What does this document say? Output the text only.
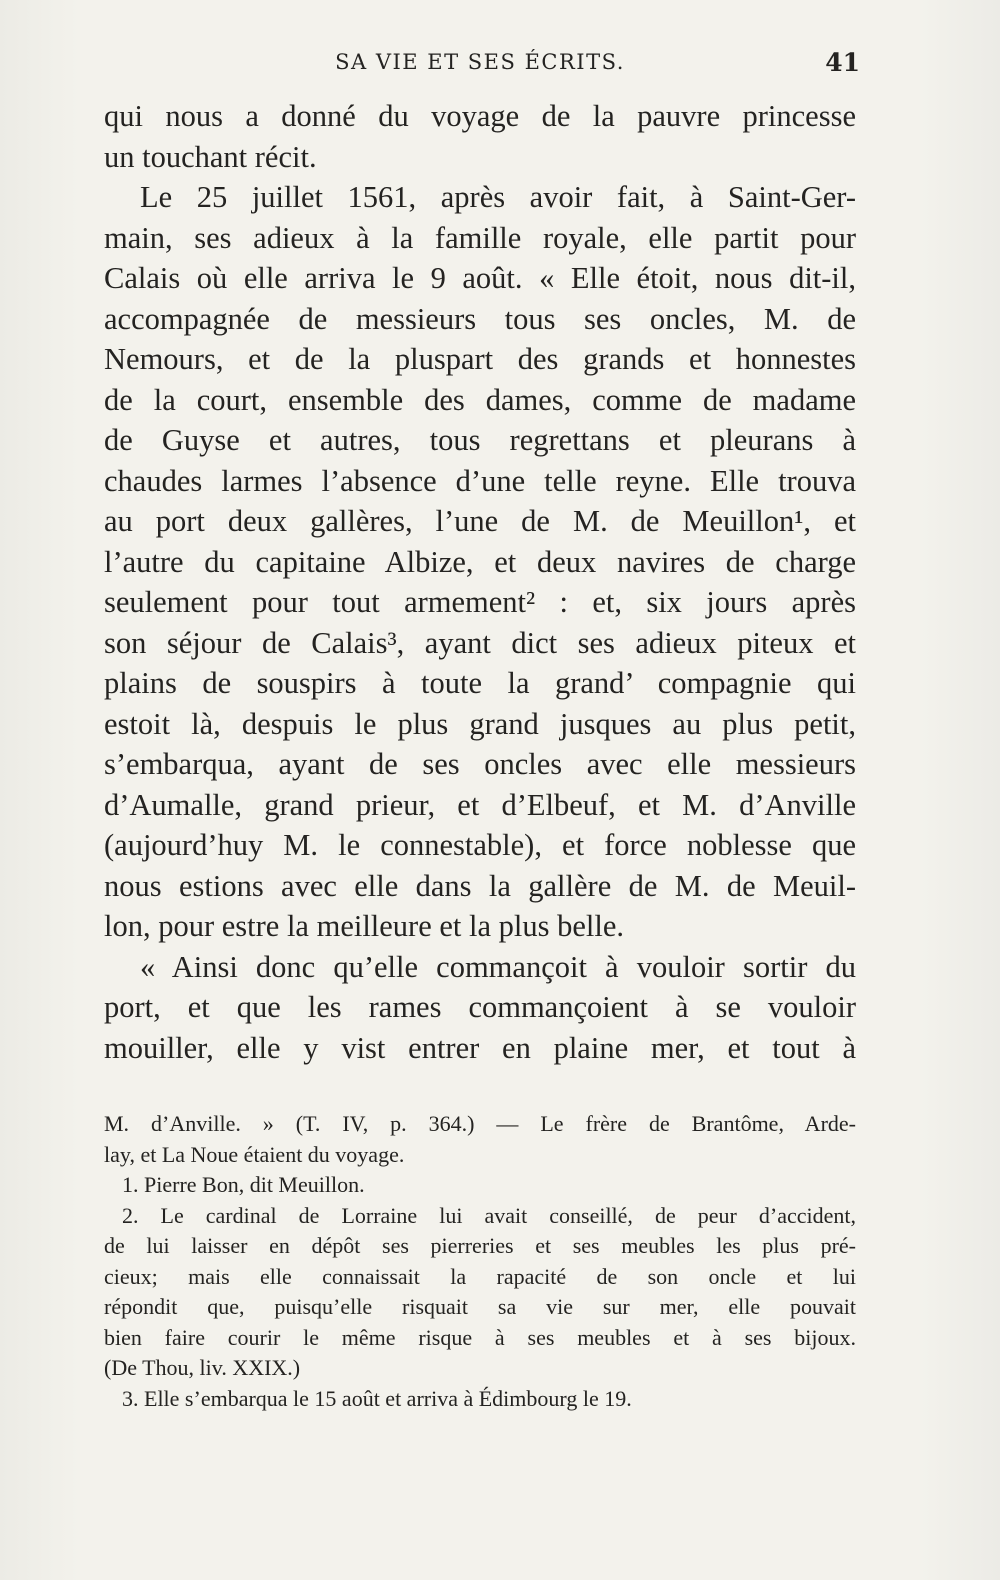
SA VIE ET SES ÉCRITS.	41
qui nous a donné du voyage de la pauvre princesse
un touchant récit.
Le 25 juillet 1561, après avoir fait, à Saint-Ger-
main, ses adieux à la famille royale, elle partit pour
Calais où elle arriva le 9 août. « Elle étoit, nous dit-il,
accompagnée de messieurs tous ses oncles, M. de
Nemours, et de la pluspart des grands et honnestes
de la court, ensemble des dames, comme de madame
de Guyse et autres, tous regrettans et pleurans à
chaudes larmes l’absence d’une telle reyne. Elle trouva
au port deux gallères, l’une de M. de Meuillon¹, et
l’autre du capitaine Albize, et deux navires de charge
seulement pour tout armement² : et, six jours après
son séjour de Calais³, ayant dict ses adieux piteux et
plains de souspirs à toute la grand’ compagnie qui
estoit là, despuis le plus grand jusques au plus petit,
s’embarqua, ayant de ses oncles avec elle messieurs
d’Aumalle, grand prieur, et d’Elbeuf, et M. d’Anville
(aujourd’huy M. le connestable), et force noblesse que
nous estions avec elle dans la gallère de M. de Meuil-
lon, pour estre la meilleure et la plus belle.
« Ainsi donc qu’elle commançoit à vouloir sortir du
port, et que les rames commançoient à se vouloir
mouiller, elle y vist entrer en plaine mer, et tout à
M. d’Anville. » (T. IV, p. 364.) — Le frère de Brantôme, Arde-
lay, et La Noue étaient du voyage.
1. Pierre Bon, dit Meuillon.
2. Le cardinal de Lorraine lui avait conseillé, de peur d’accident,
de lui laisser en dépôt ses pierreries et ses meubles les plus pré-
cieux; mais elle connaissait la rapacité de son oncle et lui
répondit que, puisqu’elle risquait sa vie sur mer, elle pouvait
bien faire courir le même risque à ses meubles et à ses bijoux.
(De Thou, liv. XXIX.)
3. Elle s’embarqua le 15 août et arriva à Édimbourg le 19.
